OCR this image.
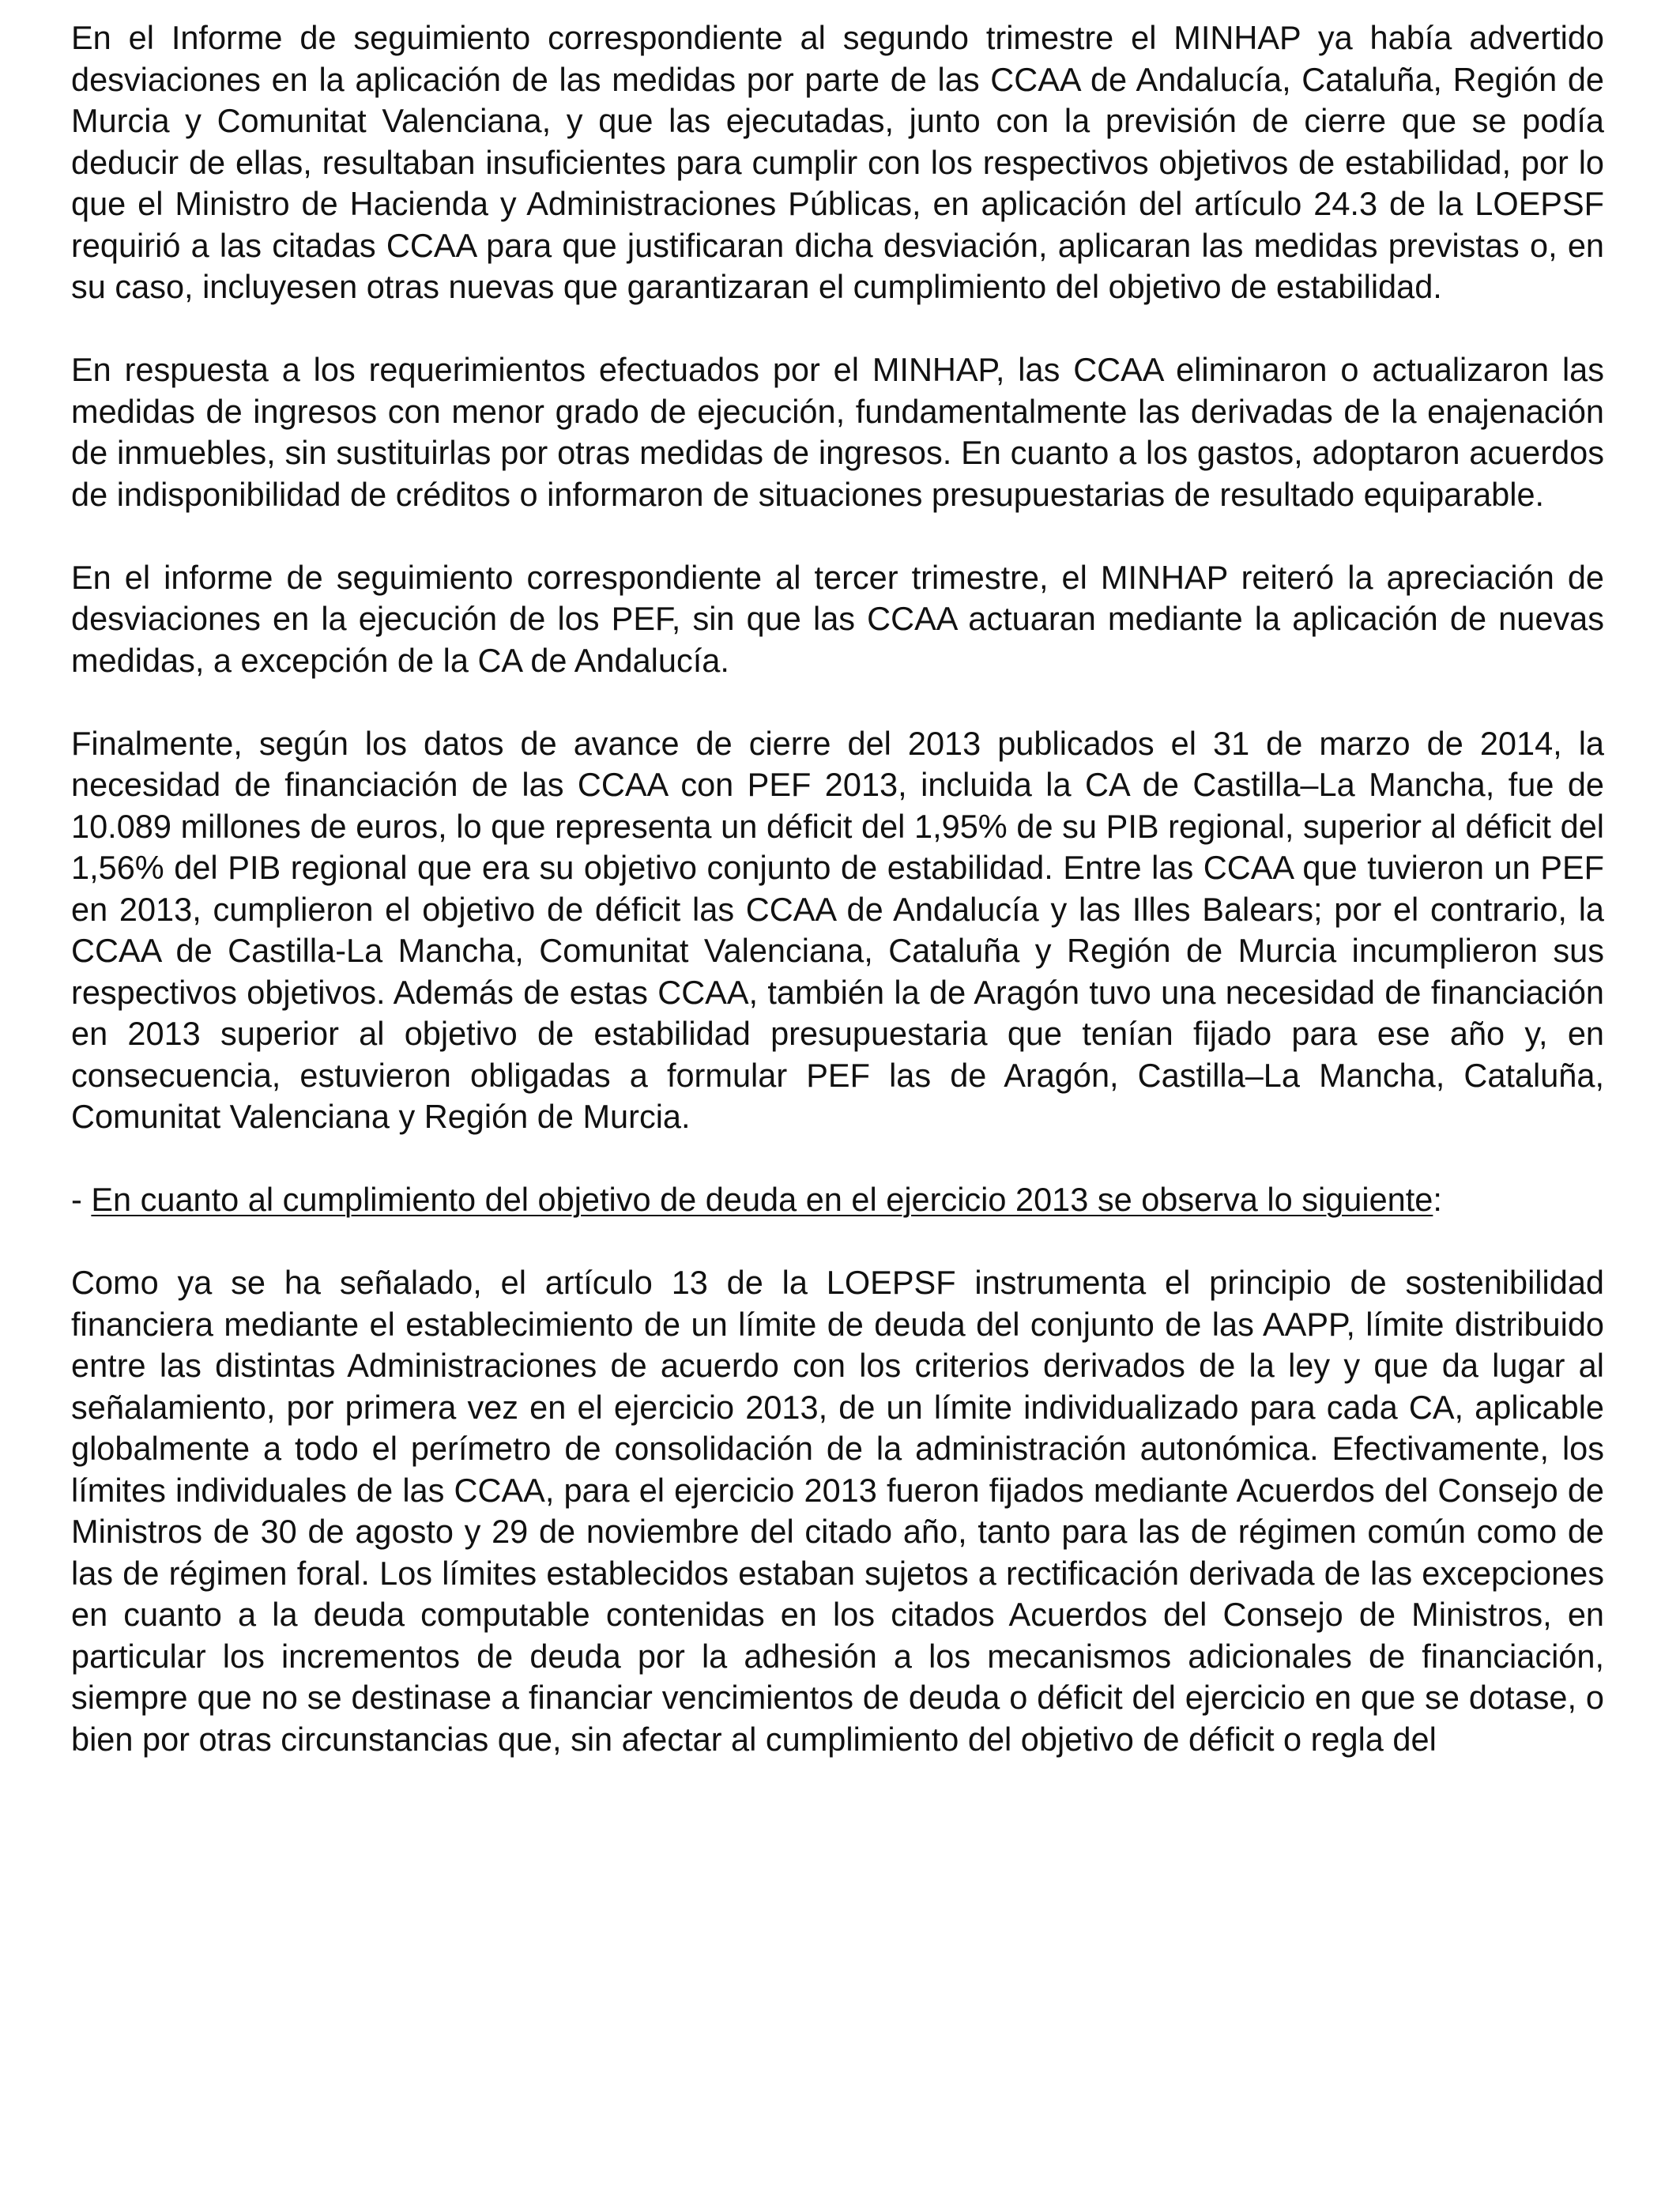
En el Informe de seguimiento correspondiente al segundo trimestre el MINHAP ya había advertido desviaciones en la aplicación de las medidas por parte de las CCAA de Andalucía, Cataluña, Región de Murcia y Comunitat Valenciana, y que las ejecutadas, junto con la previsión de cierre que se podía deducir de ellas, resultaban insuficientes para cumplir con los respectivos objetivos de estabilidad, por lo que el Ministro de Hacienda y Administraciones Públicas, en aplicación del artículo 24.3 de la LOEPSF requirió a las citadas CCAA para que justificaran dicha desviación, aplicaran las medidas previstas o, en su caso, incluyesen otras nuevas que garantizaran el cumplimiento del objetivo de estabilidad.

En respuesta a los requerimientos efectuados por el MINHAP, las CCAA eliminaron o actualizaron las medidas de ingresos con menor grado de ejecución, fundamentalmente las derivadas de la enajenación de inmuebles, sin sustituirlas por otras medidas de ingresos. En cuanto a los gastos, adoptaron acuerdos de indisponibilidad de créditos o informaron de situaciones presupuestarias de resultado equiparable.

En el informe de seguimiento correspondiente al tercer trimestre, el MINHAP reiteró la apreciación de desviaciones en la ejecución de los PEF, sin que las CCAA actuaran mediante la aplicación de nuevas medidas, a excepción de la CA de Andalucía.

Finalmente, según los datos de avance de cierre del 2013 publicados el 31 de marzo de 2014, la necesidad de financiación de las CCAA con PEF 2013, incluida la CA de Castilla–La Mancha, fue de 10.089 millones de euros, lo que representa un déficit del 1,95% de su PIB regional, superior al déficit del 1,56% del PIB regional que era su objetivo conjunto de estabilidad. Entre las CCAA que tuvieron un PEF en 2013, cumplieron el objetivo de déficit las CCAA de Andalucía y las Illes Balears; por el contrario, la CCAA de Castilla-La Mancha, Comunitat Valenciana, Cataluña y Región de Murcia incumplieron sus respectivos objetivos. Además de estas CCAA, también la de Aragón tuvo una necesidad de financiación en 2013 superior al objetivo de estabilidad presupuestaria que tenían fijado para ese año y, en consecuencia, estuvieron obligadas a formular PEF las de Aragón, Castilla–La Mancha, Cataluña, Comunitat Valenciana y Región de Murcia.

- En cuanto al cumplimiento del objetivo de deuda en el ejercicio 2013 se observa lo siguiente:

Como ya se ha señalado, el artículo 13 de la LOEPSF instrumenta el principio de sostenibilidad financiera mediante el establecimiento de un límite de deuda del conjunto de las AAPP, límite distribuido entre las distintas Administraciones de acuerdo con los criterios derivados de la ley y que da lugar al señalamiento, por primera vez en el ejercicio 2013, de un límite individualizado para cada CA, aplicable globalmente a todo el perímetro de consolidación de la administración autonómica. Efectivamente, los límites individuales de las CCAA, para el ejercicio 2013 fueron fijados mediante Acuerdos del Consejo de Ministros de 30 de agosto y 29 de noviembre del citado año, tanto para las de régimen común como de las de régimen foral. Los límites establecidos estaban sujetos a rectificación derivada de las excepciones en cuanto a la deuda computable contenidas en los citados Acuerdos del Consejo de Ministros, en particular los incrementos de deuda por la adhesión a los mecanismos adicionales de financiación, siempre que no se destinase a financiar vencimientos de deuda o déficit del ejercicio en que se dotase, o bien por otras circunstancias que, sin afectar al cumplimiento del objetivo de déficit o regla del
